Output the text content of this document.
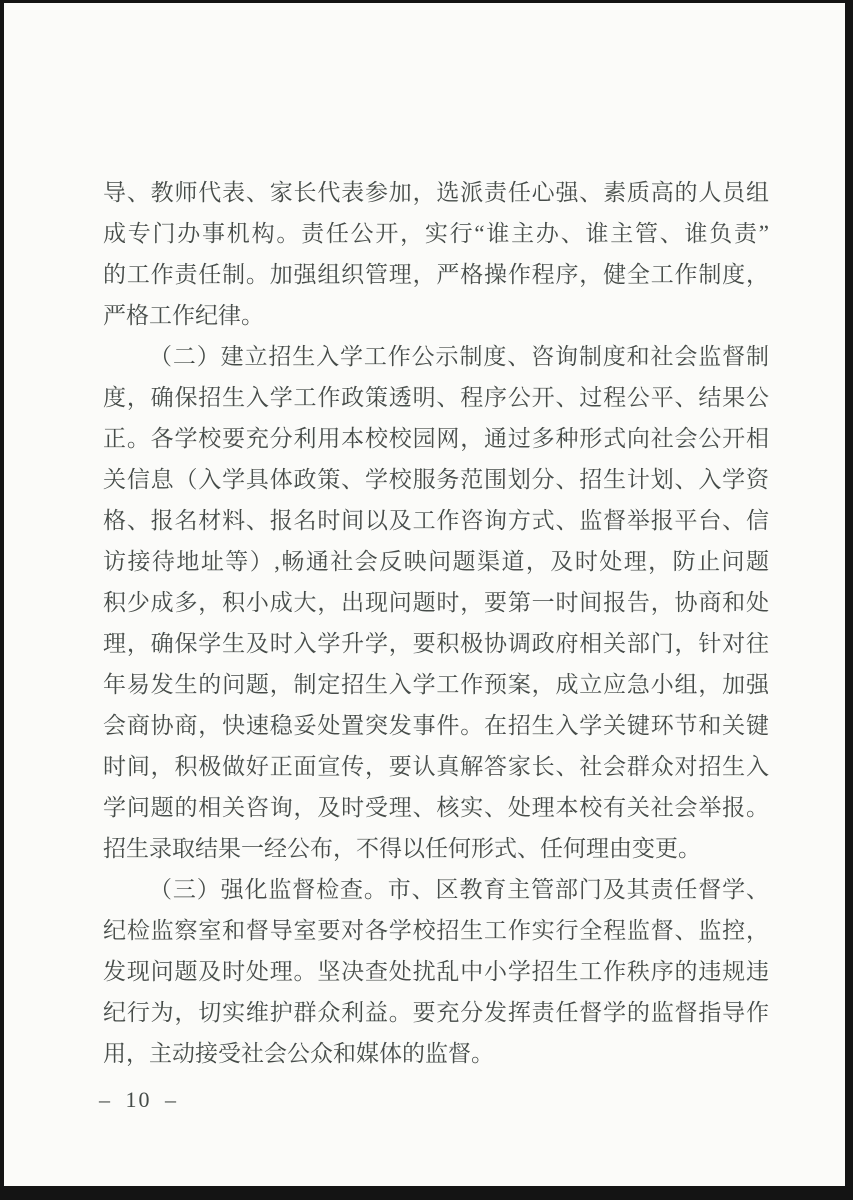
导、教师代表、家长代表参加，选派责任心强、素质高的人员组
成专门办事机构。责任公开，实行“谁主办、谁主管、谁负责”
的工作责任制。加强组织管理，严格操作程序，健全工作制度，
严格工作纪律。

（二）建立招生入学工作公示制度、咨询制度和社会监督制
度，确保招生入学工作政策透明、程序公开、过程公平、结果公
正。各学校要充分利用本校校园网，通过多种形式向社会公开相
关信息（入学具体政策、学校服务范围划分、招生计划、入学资
格、报名材料、报名时间以及工作咨询方式、监督举报平台、信
访接待地址等）,畅通社会反映问题渠道，及时处理，防止问题
积少成多，积小成大，出现问题时，要第一时间报告，协商和处
理，确保学生及时入学升学，要积极协调政府相关部门，针对往
年易发生的问题，制定招生入学工作预案，成立应急小组，加强
会商协商，快速稳妥处置突发事件。在招生入学关键环节和关键
时间，积极做好正面宣传，要认真解答家长、社会群众对招生入
学问题的相关咨询，及时受理、核实、处理本校有关社会举报。
招生录取结果一经公布，不得以任何形式、任何理由变更。

（三）强化监督检查。市、区教育主管部门及其责任督学、
纪检监察室和督导室要对各学校招生工作实行全程监督、监控，
发现问题及时处理。坚决查处扰乱中小学招生工作秩序的违规违
纪行为，切实维护群众利益。要充分发挥责任督学的监督指导作
用，主动接受社会公众和媒体的监督。

– 10 –
